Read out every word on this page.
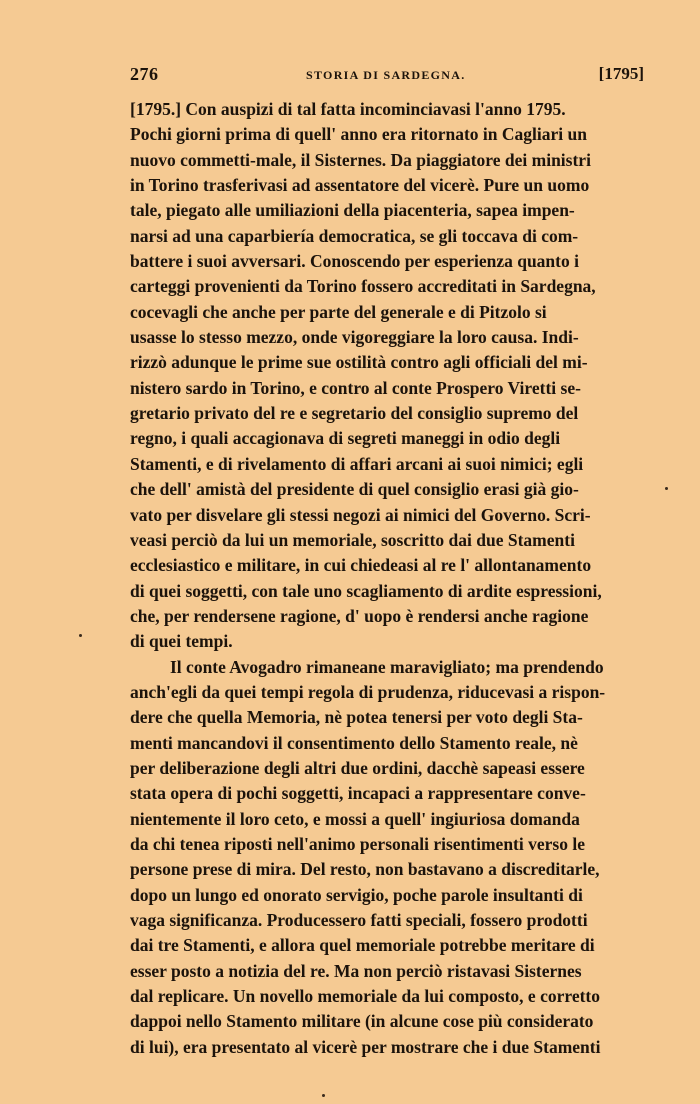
276	STORIA DI SARDEGNA.	[1795]

[1795.] Con auspizi di tal fatta incominciavasi l'anno 1795.
Pochi giorni prima di quell' anno era ritornato in Cagliari un
nuovo commetti-male, il Sisternes. Da piaggiatore dei ministri
in Torino trasferivasi ad assentatore del vicerè. Pure un uomo
tale, piegato alle umiliazioni della piacenteria, sapea impen-
narsi ad una caparbiería democratica, se gli toccava di com-
battere i suoi avversari. Conoscendo per esperienza quanto i
carteggi provenienti da Torino fossero accreditati in Sardegna,
cocevagli che anche per parte del generale e di Pitzolo si
usasse lo stesso mezzo, onde vigoreggiare la loro causa. Indi-
rizzò adunque le prime sue ostilità contro agli officiali del mi-
nistero sardo in Torino, e contro al conte Prospero Viretti se-
gretario privato del re e segretario del consiglio supremo del
regno, i quali accagionava di segreti maneggi in odio degli
Stamenti, e di rivelamento di affari arcani ai suoi nimici; egli
che dell' amistà del presidente di quel consiglio erasi già gio-
vato per disvelare gli stessi negozi ai nimici del Governo. Scri-
veasi perciò da lui un memoriale, soscritto dai due Stamenti
ecclesiastico e militare, in cui chiedeasi al re l' allontanamento
di quei soggetti, con tale uno scagliamento di ardite espressioni,
che, per rendersene ragione, d' uopo è rendersi anche ragione
di quei tempi.

Il conte Avogadro rimaneane maravigliato; ma prendendo
anch'egli da quei tempi regola di prudenza, riducevasi a rispon-
dere che quella Memoria, nè potea tenersi per voto degli Sta-
menti mancandovi il consentimento dello Stamento reale, nè
per deliberazione degli altri due ordini, dacchè sapeasi essere
stata opera di pochi soggetti, incapaci a rappresentare conve-
nientemente il loro ceto, e mossi a quell' ingiuriosa domanda
da chi tenea riposti nell'animo personali risentimenti verso le
persone prese di mira. Del resto, non bastavano a discreditarle,
dopo un lungo ed onorato servigio, poche parole insultanti di
vaga significanza. Producessero fatti speciali, fossero prodotti
dai tre Stamenti, e allora quel memoriale potrebbe meritare di
esser posto a notizia del re. Ma non perciò ristavasi Sisternes
dal replicare. Un novello memoriale da lui composto, e corretto
dappoi nello Stamento militare (in alcune cose più considerato
di lui), era presentato al vicerè per mostrare che i due Stamenti
